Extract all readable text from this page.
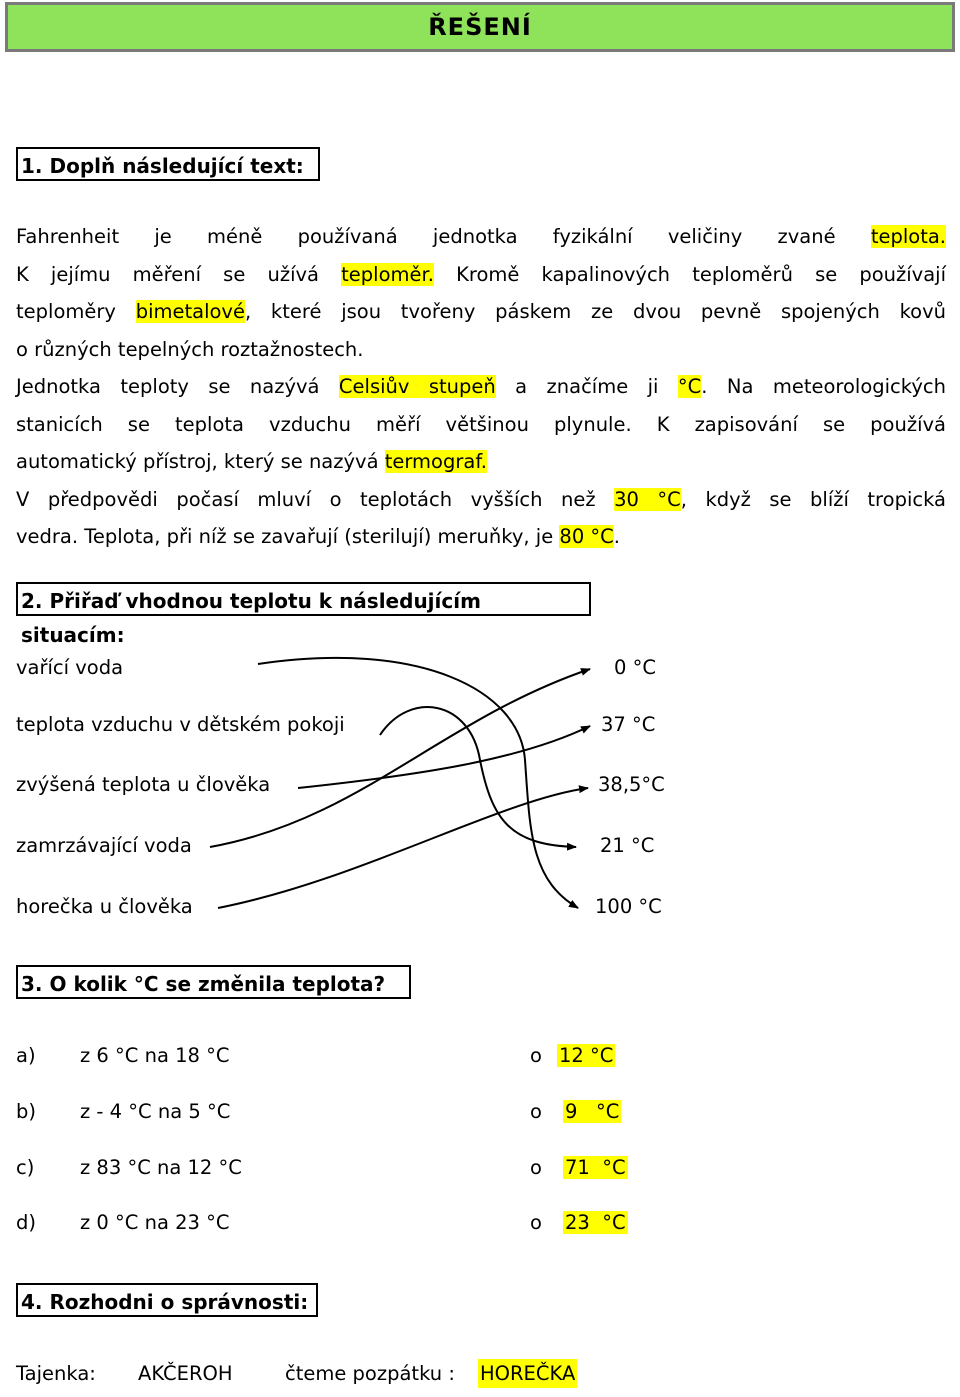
ŘEŠENÍ
1. Doplň následující text:
Fahrenheit je méně používaná jednotka fyzikální veličiny zvané teplota.
K jejímu měření se užívá teploměr. Kromě kapalinových teploměrů se používají
teploměry bimetalové, které jsou tvořeny páskem ze dvou pevně spojených kovů
o různých tepelných roztažnostech.
Jednotka teploty se nazývá Celsiův stupeň a značíme ji °C. Na meteorologických
stanicích se teplota vzduchu měří většinou plynule. K zapisování se používá
automatický přístroj, který se nazývá termograf.
V předpovědi počasí mluví o teplotách vyšších než 30 °C, když se blíží tropická
vedra. Teplota, při níž se zavařují (sterilují) meruňky, je 80 °C.
2. Přiřaď vhodnou teplotu k následujícím situacím:
vařící voda
teplota vzduchu v dětském pokoji
zvýšená teplota u člověka
zamrzávající voda
horečka u člověka
0 °C
37 °C
38,5°C
21 °C
100 °C
3. O kolik °C se změnila teplota?
a) z 6 °C na 18 °C	o 12 °C
b) z - 4 °C na 5 °C	o 9   °C
c) z 83 °C na 12 °C	o 71  °C
d) z 0 °C na 23 °C	o 23  °C
4. Rozhodni o správnosti:
Tajenka: AKČEROH	čteme pozpátku : HOREČKA
